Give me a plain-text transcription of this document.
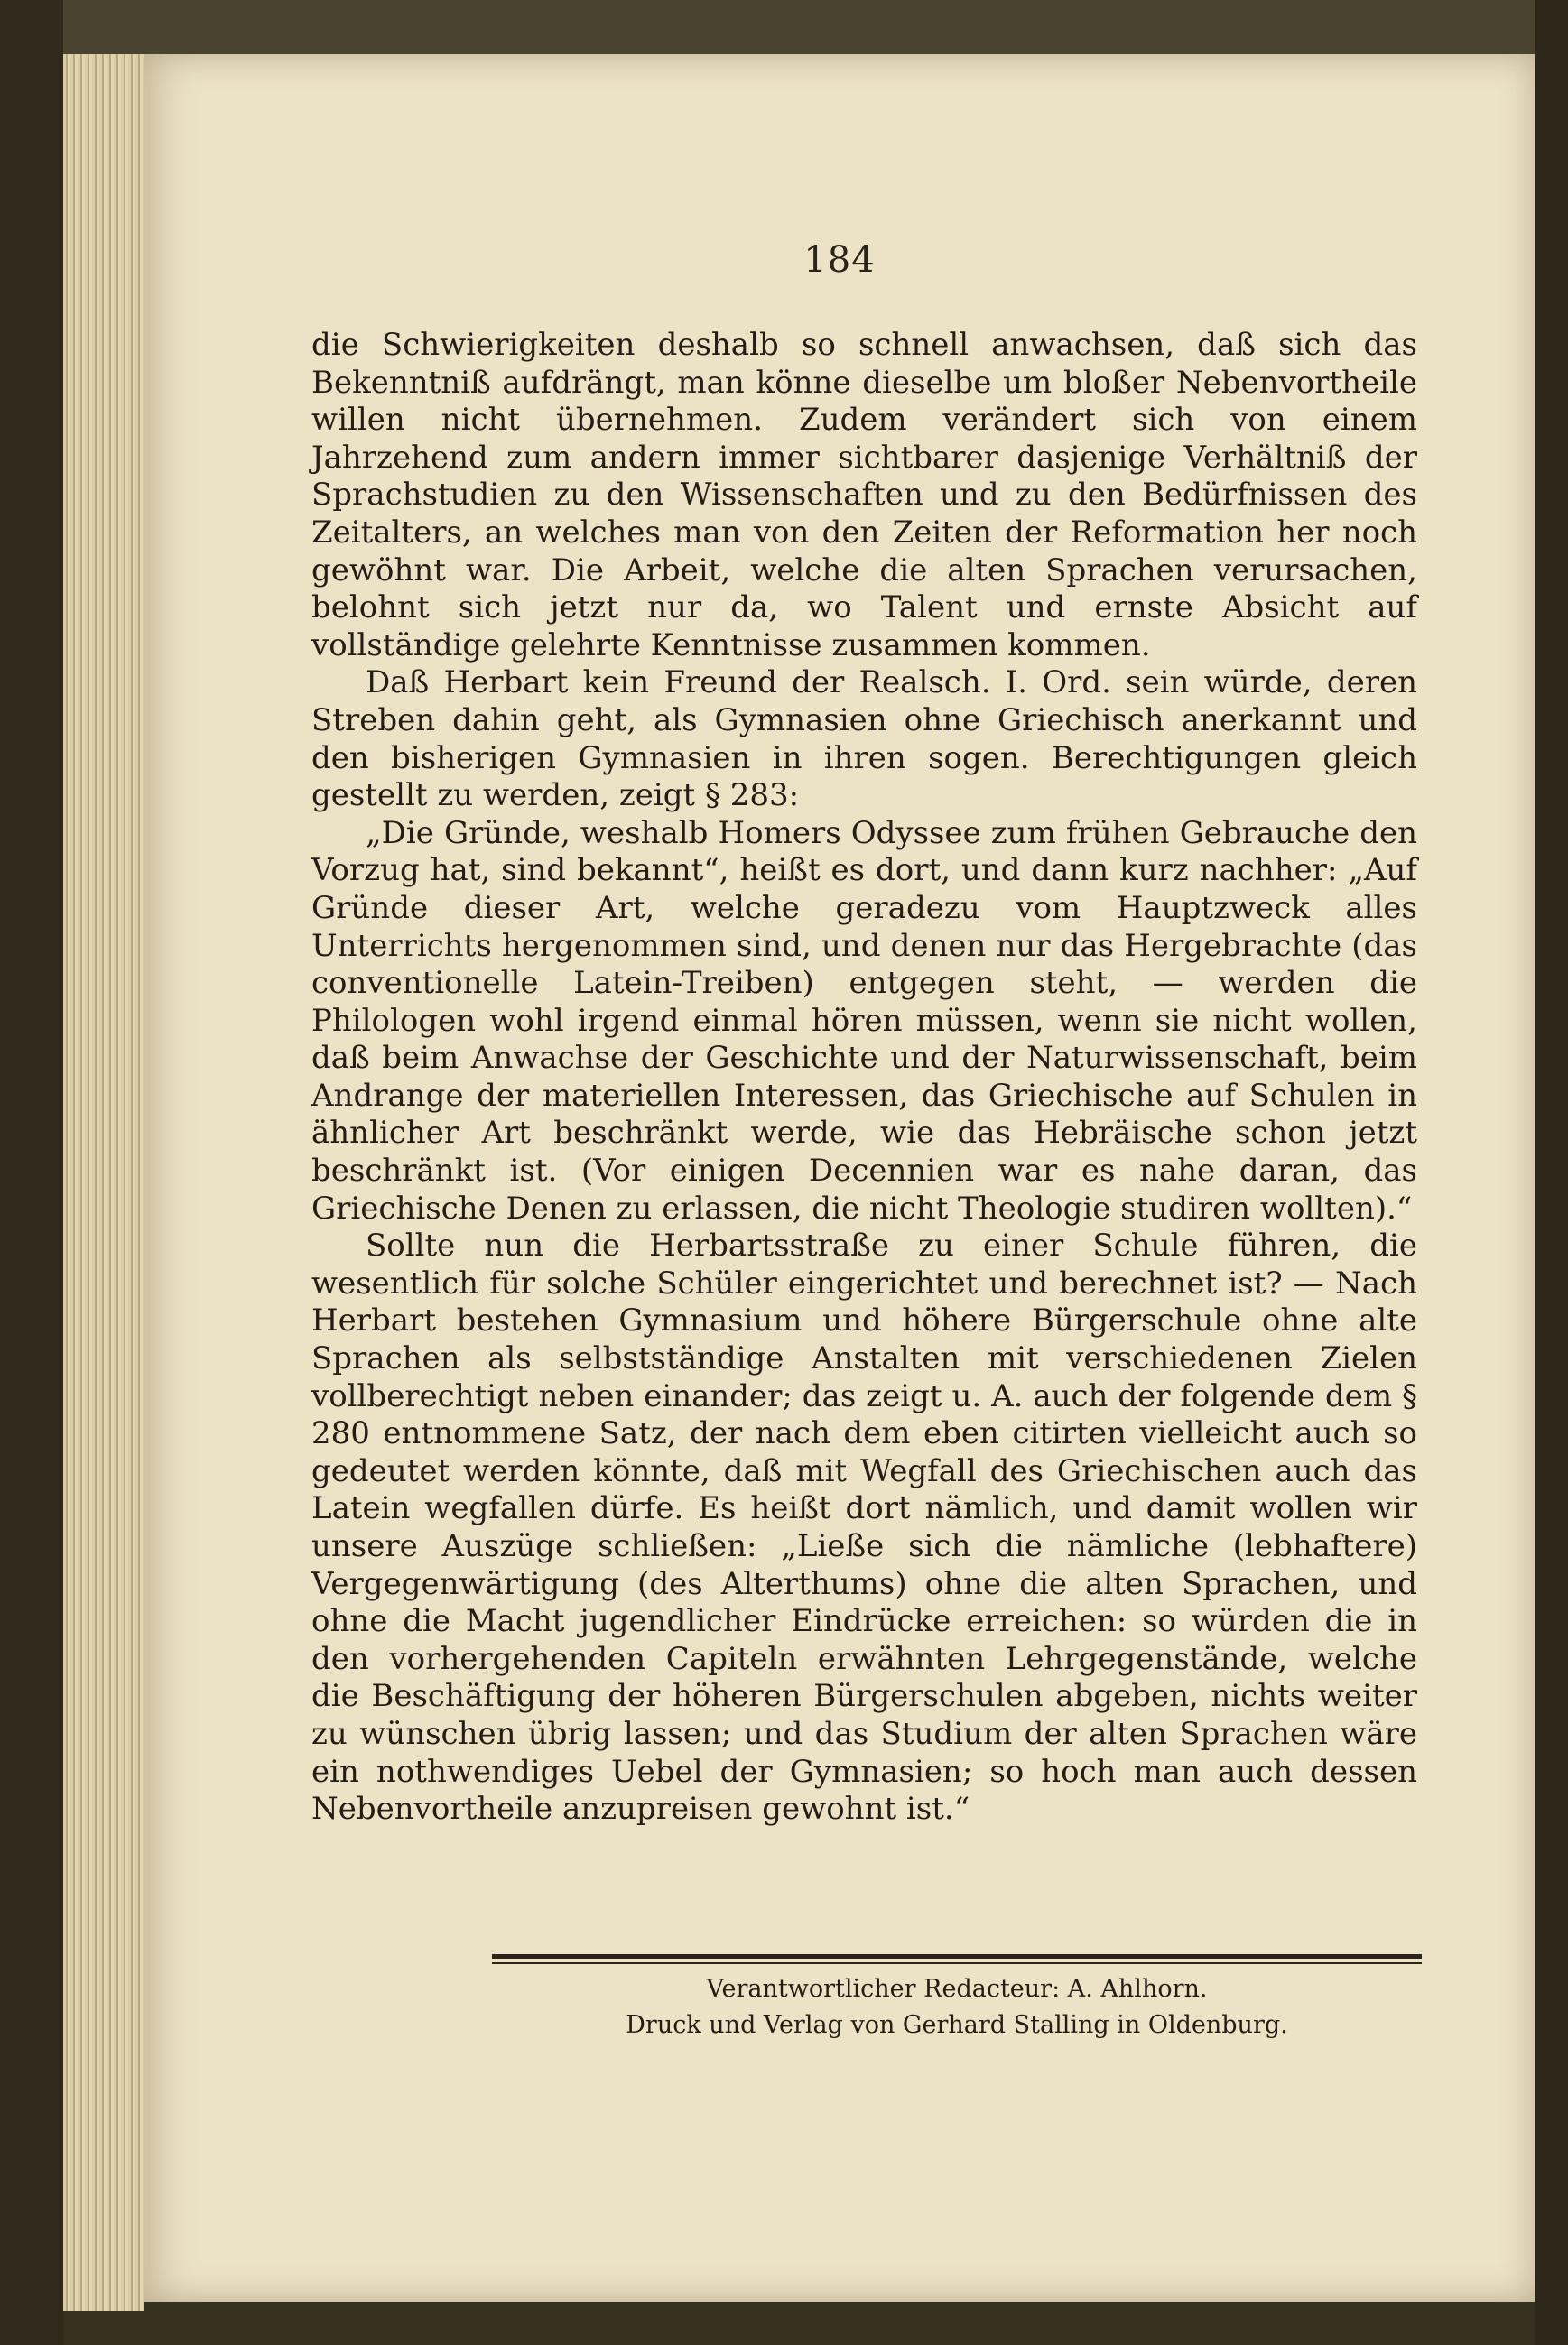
184

die Schwierigkeiten deshalb so schnell anwachsen, daß sich das Bekenntniß aufdrängt, man könne dieselbe um bloßer Nebenvortheile willen nicht übernehmen. Zudem verändert sich von einem Jahrzehend zum andern immer sichtbarer dasjenige Verhältniß der Sprachstudien zu den Wissenschaften und zu den Bedürfnissen des Zeitalters, an welches man von den Zeiten der Reformation her noch gewöhnt war. Die Arbeit, welche die alten Sprachen verursachen, belohnt sich jetzt nur da, wo Talent und ernste Absicht auf vollständige gelehrte Kenntnisse zusammen kommen.

Daß Herbart kein Freund der Realsch. I. Ord. sein würde, deren Streben dahin geht, als Gymnasien ohne Griechisch anerkannt und den bisherigen Gymnasien in ihren sogen. Berechtigungen gleich gestellt zu werden, zeigt § 283:

„Die Gründe, weshalb Homers Odyssee zum frühen Gebrauche den Vorzug hat, sind bekannt“, heißt es dort, und dann kurz nachher: „Auf Gründe dieser Art, welche geradezu vom Hauptzweck alles Unterrichts hergenommen sind, und denen nur das Hergebrachte (das conventionelle Latein-Treiben) entgegen steht, — werden die Philologen wohl irgend einmal hören müssen, wenn sie nicht wollen, daß beim Anwachse der Geschichte und der Naturwissenschaft, beim Andrange der materiellen Interessen, das Griechische auf Schulen in ähnlicher Art beschränkt werde, wie das Hebräische schon jetzt beschränkt ist. (Vor einigen Decennien war es nahe daran, das Griechische Denen zu erlassen, die nicht Theologie studiren wollten).“

Sollte nun die Herbartsstraße zu einer Schule führen, die wesentlich für solche Schüler eingerichtet und berechnet ist? — Nach Herbart bestehen Gymnasium und höhere Bürgerschule ohne alte Sprachen als selbstständige Anstalten mit verschiedenen Zielen vollberechtigt neben einander; das zeigt u. A. auch der folgende dem § 280 entnommene Satz, der nach dem eben citirten vielleicht auch so gedeutet werden könnte, daß mit Wegfall des Griechischen auch das Latein wegfallen dürfe. Es heißt dort nämlich, und damit wollen wir unsere Auszüge schließen: „Ließe sich die nämliche (lebhaftere) Vergegenwärtigung (des Alterthums) ohne die alten Sprachen, und ohne die Macht jugendlicher Eindrücke erreichen: so würden die in den vorhergehenden Capiteln erwähnten Lehrgegenstände, welche die Beschäftigung der höheren Bürgerschulen abgeben, nichts weiter zu wünschen übrig lassen; und das Studium der alten Sprachen wäre ein nothwendiges Uebel der Gymnasien; so hoch man auch dessen Nebenvortheile anzupreisen gewohnt ist.“

Verantwortlicher Redacteur: A. Ahlhorn.
Druck und Verlag von Gerhard Stalling in Oldenburg.
